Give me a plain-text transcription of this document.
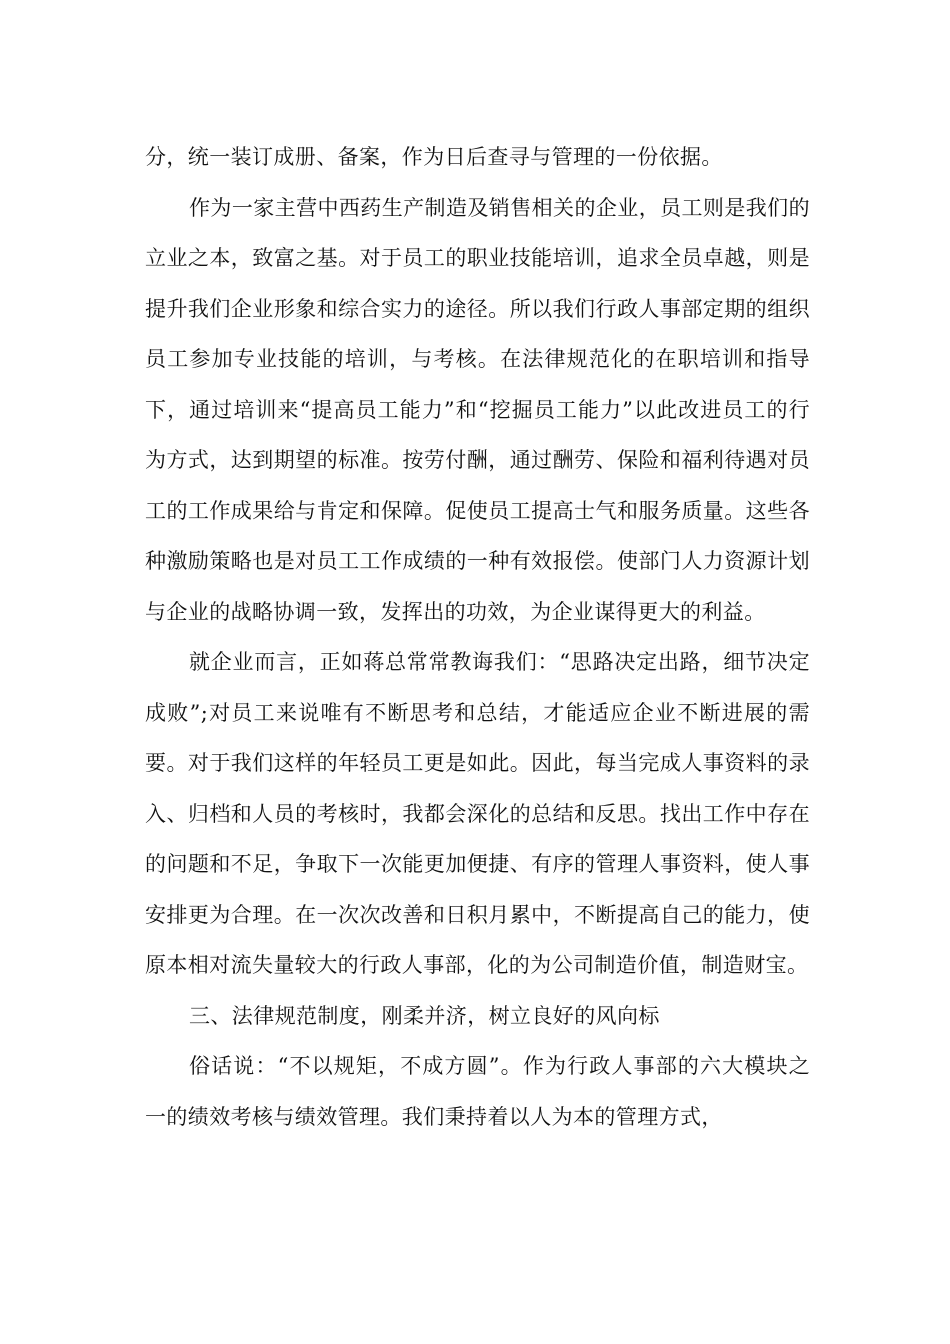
分，统一装订成册、备案，作为日后查寻与管理的一份依据。

作为一家主营中西药生产制造及销售相关的企业，员工则是我们的立业之本，致富之基。对于员工的职业技能培训，追求全员卓越，则是提升我们企业形象和综合实力的途径。所以我们行政人事部定期的组织员工参加专业技能的培训，与考核。在法律规范化的在职培训和指导下，通过培训来“提高员工能力”和“挖掘员工能力”以此改进员工的行为方式，达到期望的标准。按劳付酬，通过酬劳、保险和福利待遇对员工的工作成果给与肯定和保障。促使员工提高士气和服务质量。这些各种激励策略也是对员工工作成绩的一种有效报偿。使部门人力资源计划与企业的战略协调一致，发挥出的功效，为企业谋得更大的利益。

就企业而言，正如蒋总常常教诲我们：“思路决定出路，细节决定成败”;对员工来说唯有不断思考和总结，才能适应企业不断进展的需要。对于我们这样的年轻员工更是如此。因此，每当完成人事资料的录入、归档和人员的考核时，我都会深化的总结和反思。找出工作中存在的问题和不足，争取下一次能更加便捷、有序的管理人事资料，使人事安排更为合理。在一次次改善和日积月累中，不断提高自己的能力，使原本相对流失量较大的行政人事部，化的为公司制造价值，制造财宝。

三、法律规范制度，刚柔并济，树立良好的风向标

俗话说：“不以规矩，不成方圆”。作为行政人事部的六大模块之一的绩效考核与绩效管理。我们秉持着以人为本的管理方式，
